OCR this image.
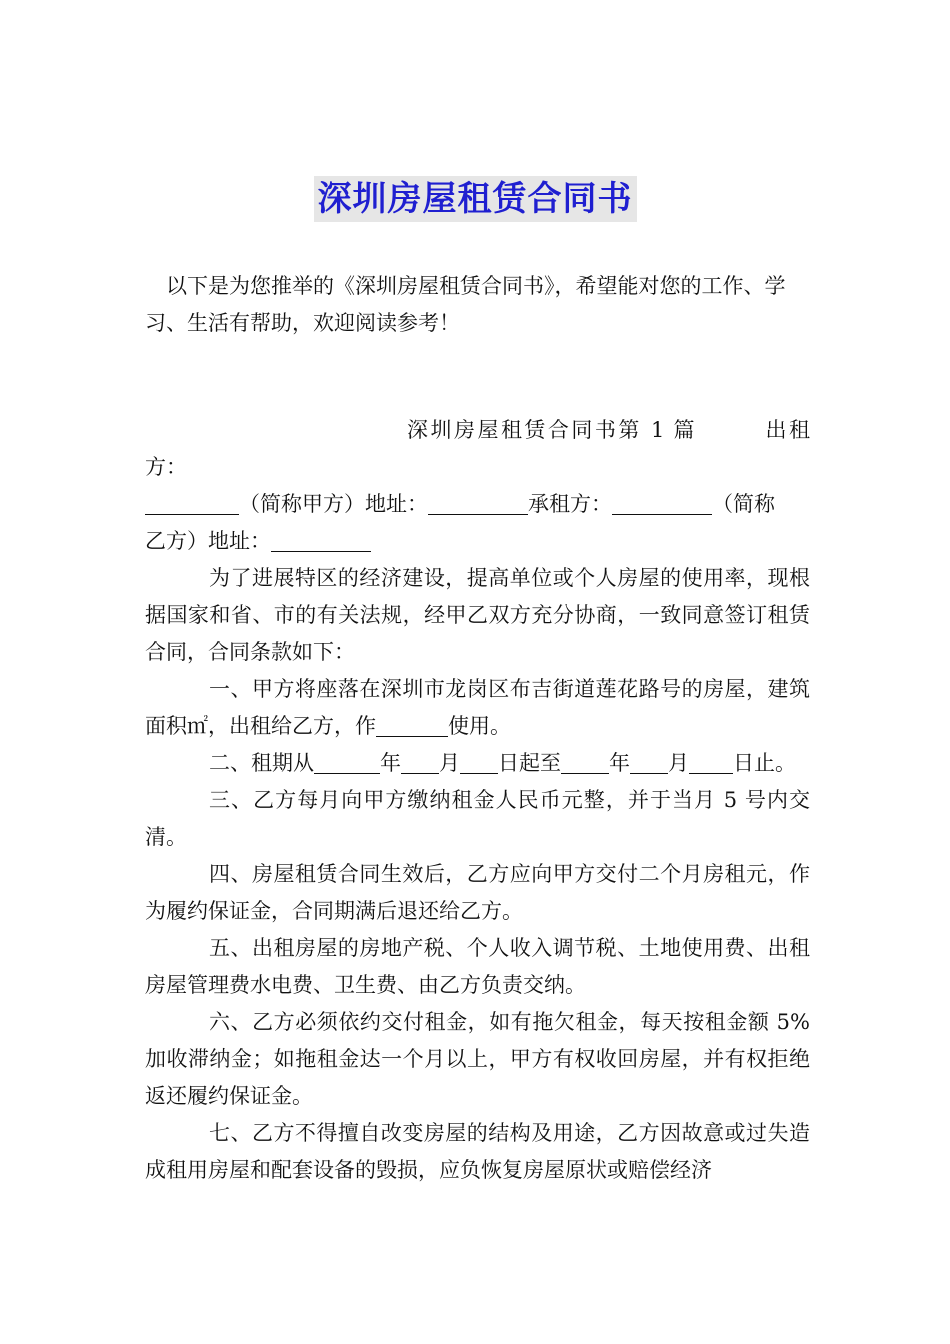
深圳房屋租赁合同书

以下是为您推举的《深圳房屋租赁合同书》，希望能对您的工作、学习、生活有帮助，欢迎阅读参考！

深圳房屋租赁合同书第 1 篇	出租方：
（简称甲方）地址：	承租方：	（简称
乙方）地址：

为了进展特区的经济建设，提高单位或个人房屋的使用率，现根据国家和省、市的有关法规，经甲乙双方充分协商，一致同意签订租赁合同，合同条款如下：

一、甲方将座落在深圳市龙岗区布吉街道莲花路号的房屋，建筑面积㎡，出租给乙方，作	使用。

二、租期从	年 月 日起至 年 月 日止。

三、乙方每月向甲方缴纳租金人民币元整，并于当月 5 号内交清。

四、房屋租赁合同生效后，乙方应向甲方交付二个月房租元，作为履约保证金，合同期满后退还给乙方。

五、出租房屋的房地产税、个人收入调节税、土地使用费、出租房屋管理费水电费、卫生费、由乙方负责交纳。

六、乙方必须依约交付租金，如有拖欠租金，每天按租金额 5%加收滞纳金；如拖租金达一个月以上，甲方有权收回房屋，并有权拒绝返还履约保证金。

七、乙方不得擅自改变房屋的结构及用途，乙方因故意或过失造成租用房屋和配套设备的毁损，应负恢复房屋原状或赔偿经济
